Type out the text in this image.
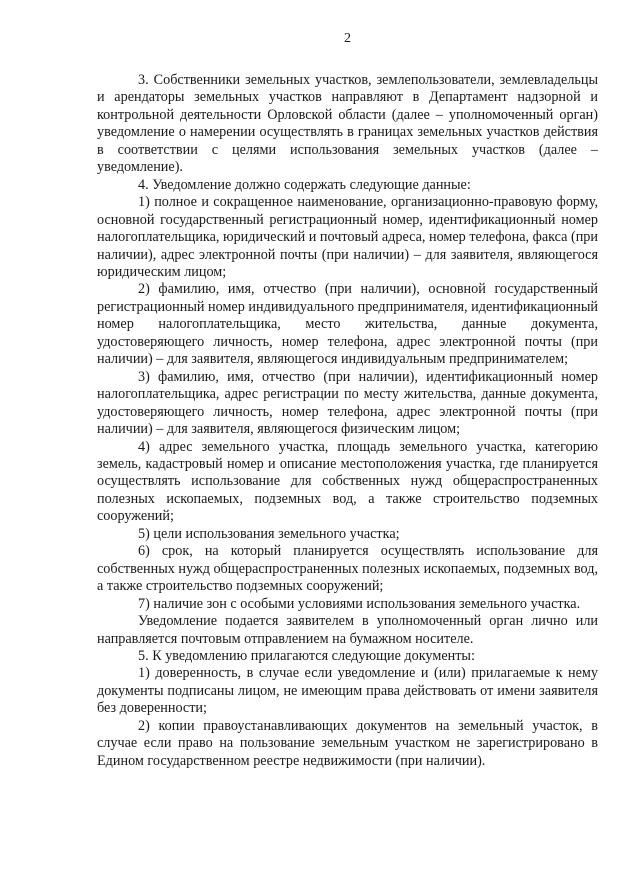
2

3. Собственники земельных участков, землепользователи, землевладельцы и арендаторы земельных участков направляют в Департамент надзорной и контрольной деятельности Орловской области (далее – уполномоченный орган) уведомление о намерении осуществлять в границах земельных участков действия в соответствии с целями использования земельных участков (далее – уведомление).

4. Уведомление должно содержать следующие данные:

1) полное и сокращенное наименование, организационно-правовую форму, основной государственный регистрационный номер, идентификационный номер налогоплательщика, юридический и почтовый адреса, номер телефона, факса (при наличии), адрес электронной почты (при наличии) – для заявителя, являющегося юридическим лицом;

2) фамилию, имя, отчество (при наличии), основной государственный регистрационный номер индивидуального предпринимателя, идентификационный номер налогоплательщика, место жительства, данные документа, удостоверяющего личность, номер телефона, адрес электронной почты (при наличии) – для заявителя, являющегося индивидуальным предпринимателем;

3) фамилию, имя, отчество (при наличии), идентификационный номер налогоплательщика, адрес регистрации по месту жительства, данные документа, удостоверяющего личность, номер телефона, адрес электронной почты (при наличии) – для заявителя, являющегося физическим лицом;

4) адрес земельного участка, площадь земельного участка, категорию земель, кадастровый номер и описание местоположения участка, где планируется осуществлять использование для собственных нужд общераспространенных полезных ископаемых, подземных вод, а также строительство подземных сооружений;

5) цели использования земельного участка;

6) срок, на который планируется осуществлять использование для собственных нужд общераспространенных полезных ископаемых, подземных вод, а также строительство подземных сооружений;

7) наличие зон с особыми условиями использования земельного участка.

Уведомление подается заявителем в уполномоченный орган лично или направляется почтовым отправлением на бумажном носителе.

5. К уведомлению прилагаются следующие документы:

1) доверенность, в случае если уведомление и (или) прилагаемые к нему документы подписаны лицом, не имеющим права действовать от имени заявителя без доверенности;

2) копии правоустанавливающих документов на земельный участок, в случае если право на пользование земельным участком не зарегистрировано в Едином государственном реестре недвижимости (при наличии).
